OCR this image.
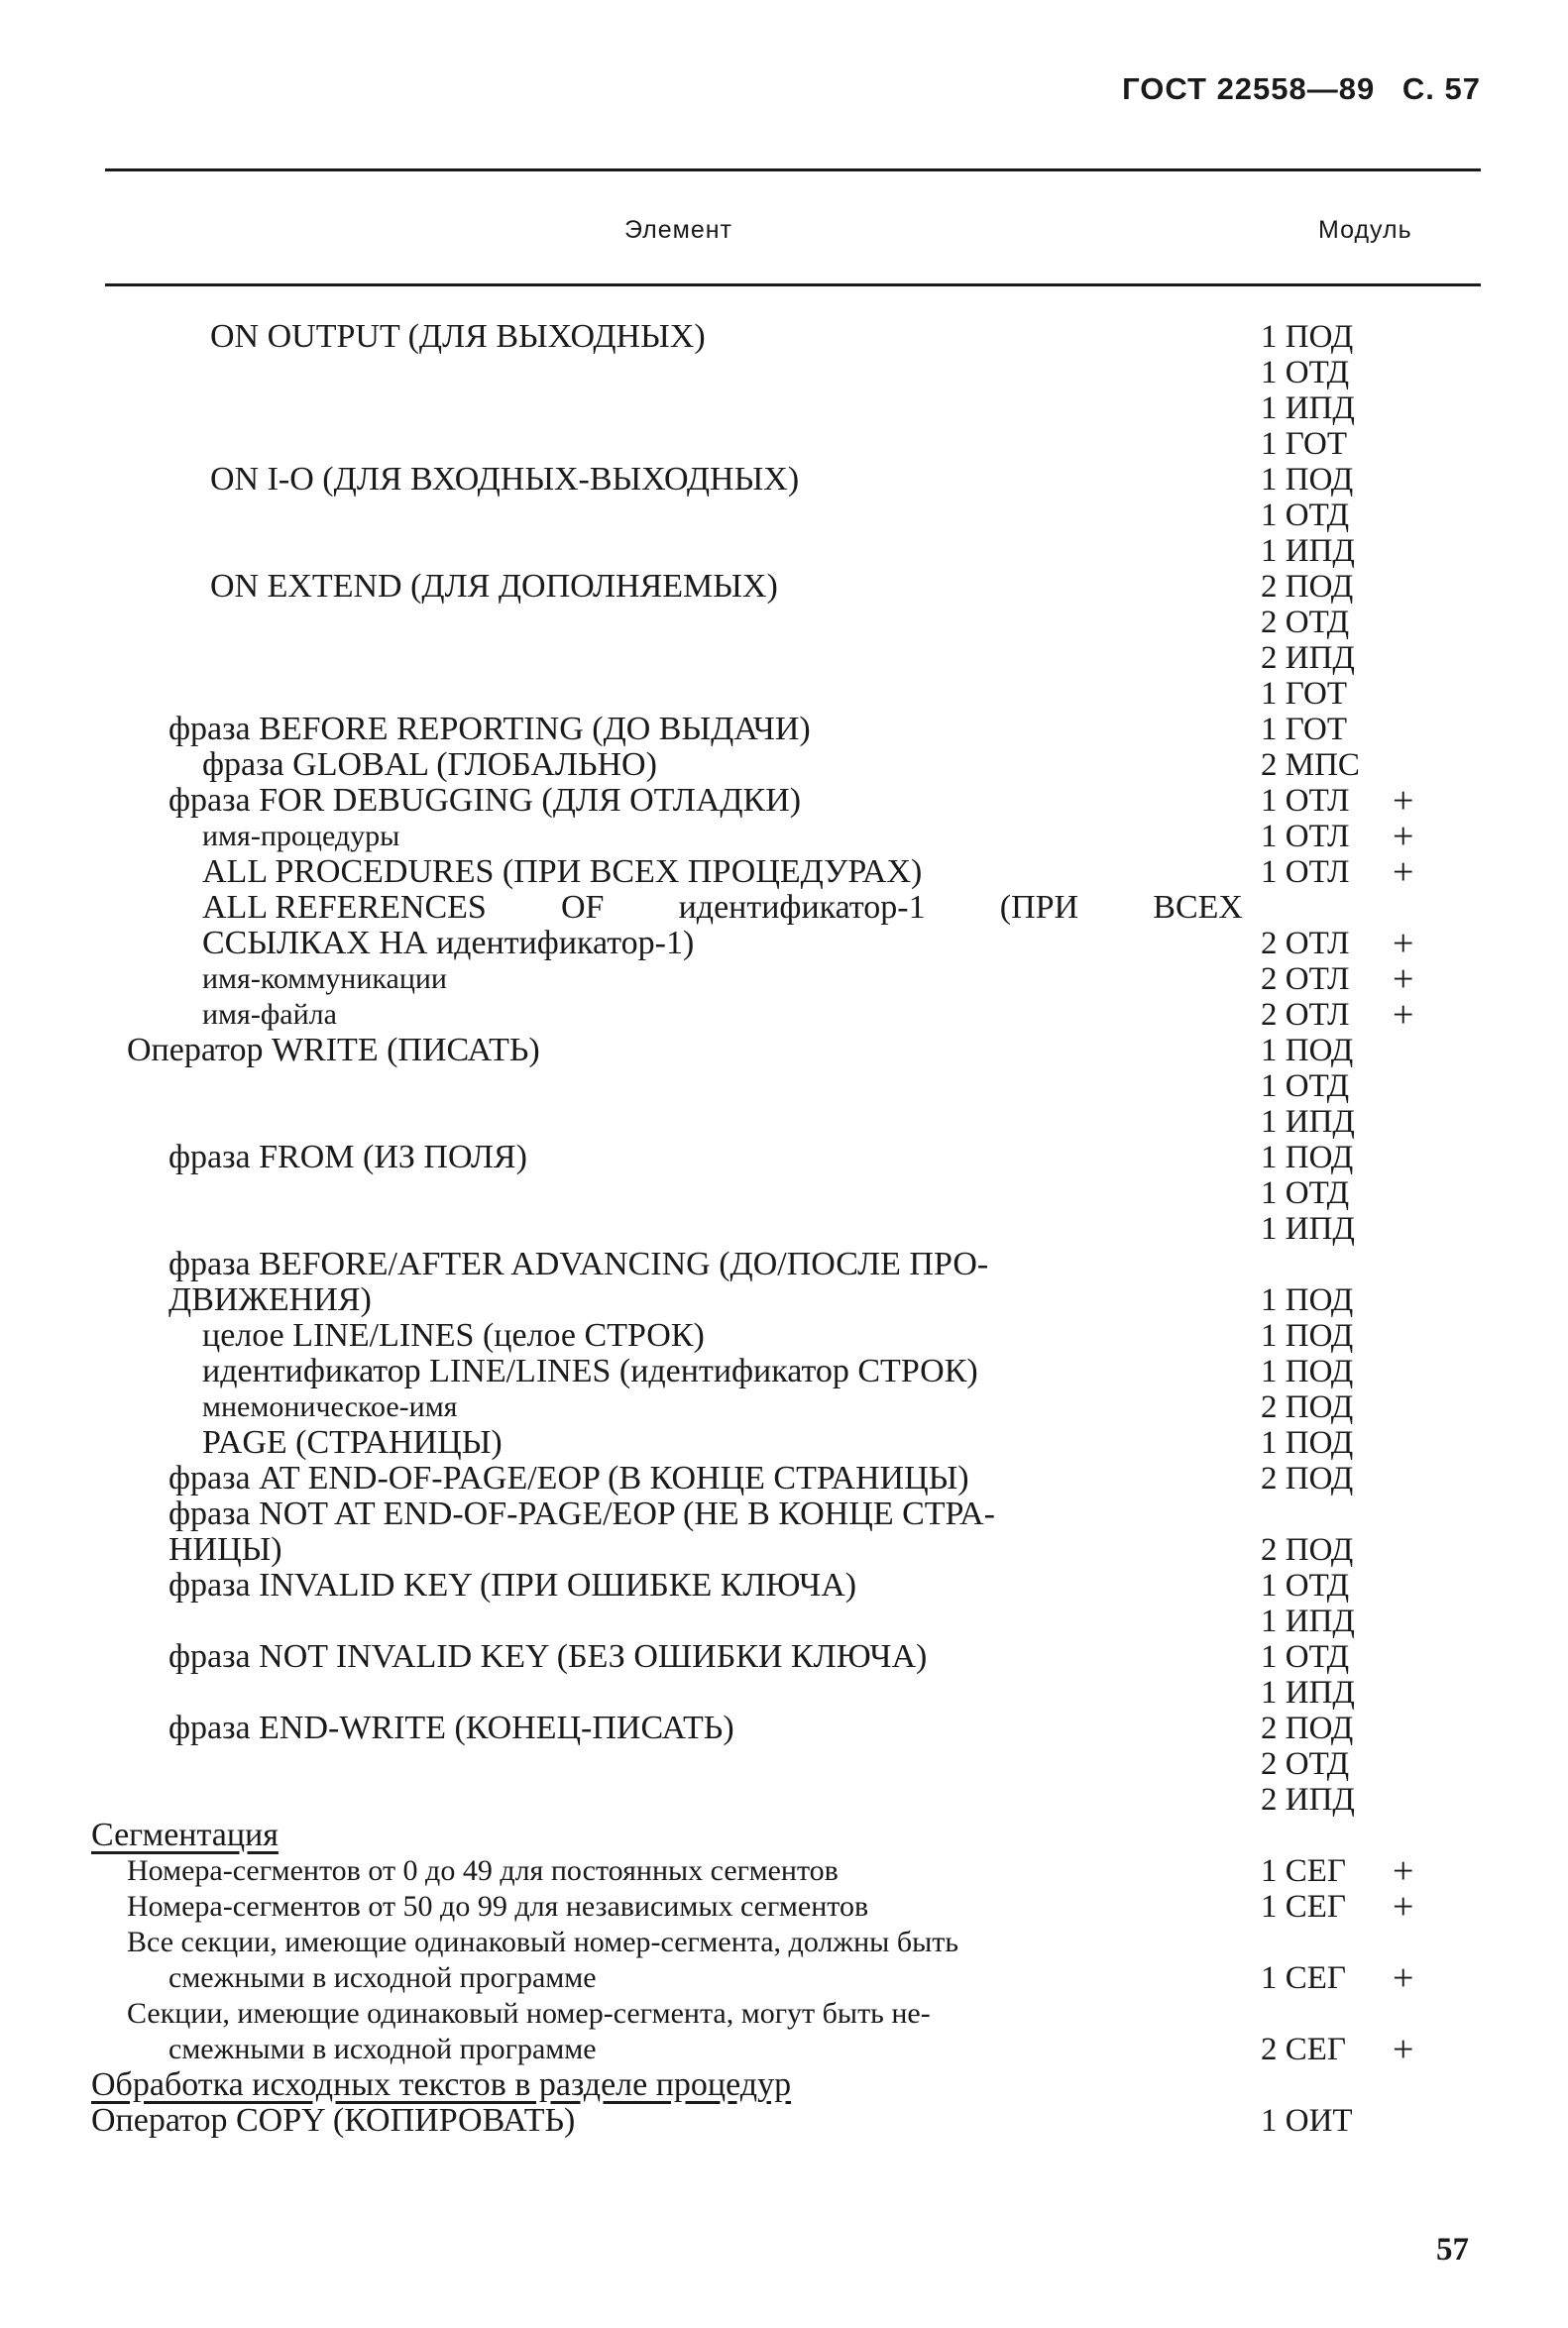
ГОСТ 22558—89 С. 57
Элемент	Модуль
ON OUTPUT (ДЛЯ ВЫХОДНЫХ)	1 ПОД
1 ОТД
1 ИПД
1 ГОТ
ON I-O (ДЛЯ ВХОДНЫХ-ВЫХОДНЫХ)	1 ПОД
1 ОТД
1 ИПД
ON EXTEND (ДЛЯ ДОПОЛНЯЕМЫХ)	2 ПОД
2 ОТД
2 ИПД
1 ГОТ
фраза BEFORE REPORTING (ДО ВЫДАЧИ)	1 ГОТ
фраза GLOBAL (ГЛОБАЛЬНО)	2 МПС
фраза FOR DEBUGGING (ДЛЯ ОТЛАДКИ)	1 ОТЛ +
имя-процедуры	1 ОТЛ +
ALL PROCEDURES (ПРИ ВСЕХ ПРОЦЕДУРАХ)	1 ОТЛ +
ALL REFERENCES OF идентификатор-1 (ПРИ ВСЕХ
ССЫЛКАХ НА идентификатор-1)	2 ОТЛ +
имя-коммуникации	2 ОТЛ +
имя-файла	2 ОТЛ +
Оператор WRITE (ПИСАТЬ)	1 ПОД
1 ОТД
1 ИПД
фраза FROM (ИЗ ПОЛЯ)	1 ПОД
1 ОТД
1 ИПД
фраза BEFORE/AFTER ADVANCING (ДО/ПОСЛЕ ПРО-
ДВИЖЕНИЯ)	1 ПОД
целое LINE/LINES (целое СТРОК)	1 ПОД
идентификатор LINE/LINES (идентификатор СТРОК)	1 ПОД
мнемоническое-имя	2 ПОД
PAGE (СТРАНИЦЫ)	1 ПОД
фраза AT END-OF-PAGE/EOP (В КОНЦЕ СТРАНИЦЫ)	2 ПОД
фраза NOT AT END-OF-PAGE/EOP (НЕ В КОНЦЕ СТРА-
НИЦЫ)	2 ПОД
фраза INVALID KEY (ПРИ ОШИБКЕ КЛЮЧА)	1 ОТД
1 ИПД
фраза NOT INVALID KEY (БЕЗ ОШИБКИ КЛЮЧА)	1 ОТД
1 ИПД
фраза END-WRITE (КОНЕЦ-ПИСАТЬ)	2 ПОД
2 ОТД
2 ИПД
Сегментация
Номера-сегментов от 0 до 49 для постоянных сегментов	1 СЕГ +
Номера-сегментов от 50 до 99 для независимых сегментов	1 СЕГ +
Все секции, имеющие одинаковый номер-сегмента, должны быть
смежными в исходной программе	1 СЕГ +
Секции, имеющие одинаковый номер-сегмента, могут быть не-
смежными в исходной программе	2 СЕГ +
Обработка исходных текстов в разделе процедур
Оператор COPY (КОПИРОВАТЬ)	1 ОИТ
57
